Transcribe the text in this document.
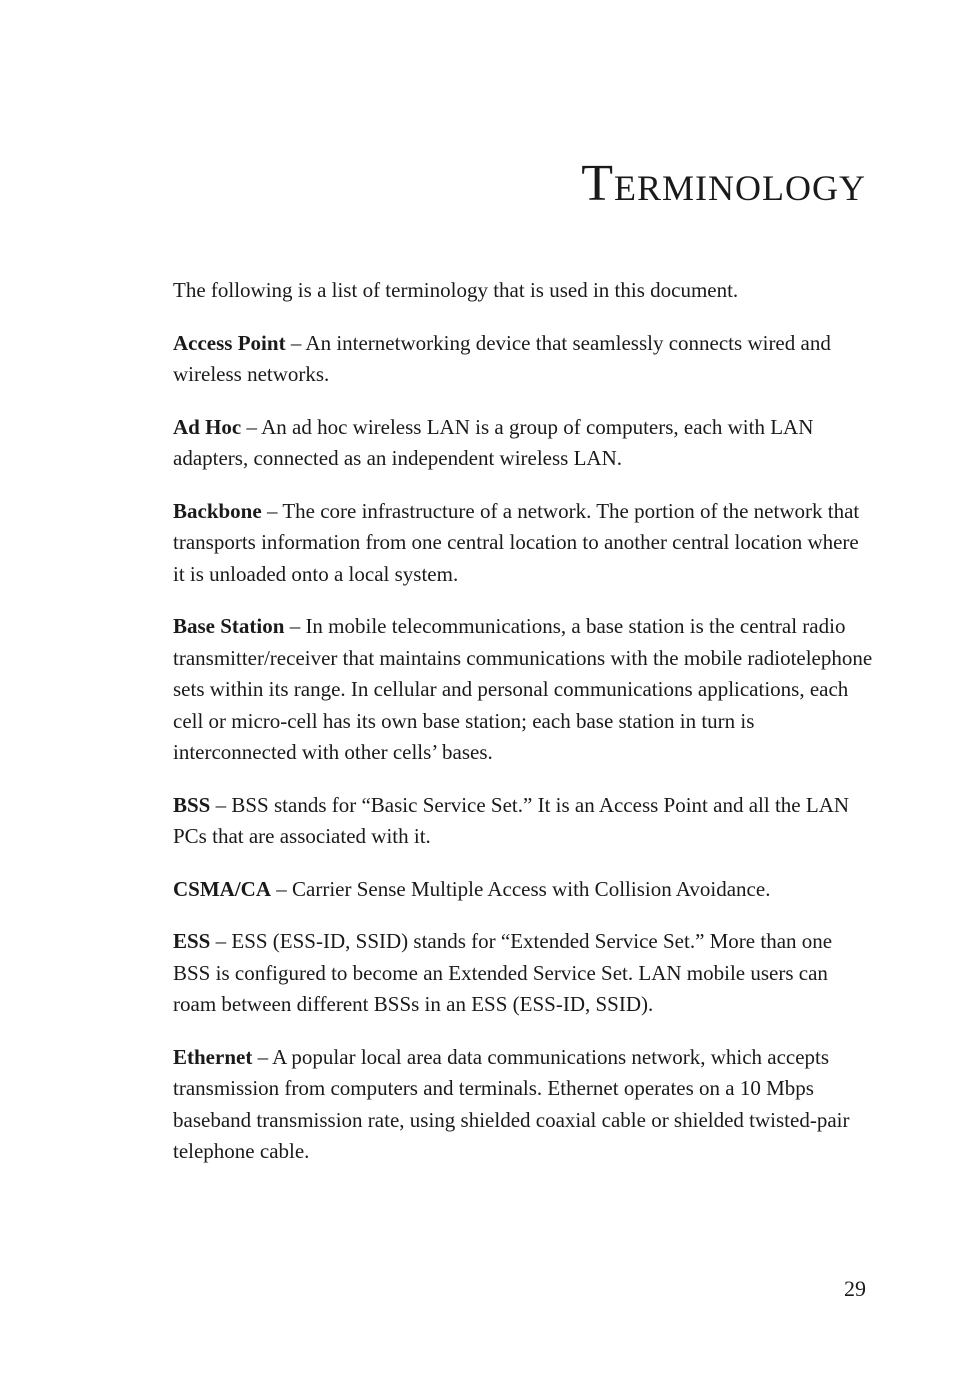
Terminology

The following is a list of terminology that is used in this document.

Access Point – An internetworking device that seamlessly connects wired and wireless networks.

Ad Hoc – An ad hoc wireless LAN is a group of computers, each with LAN adapters, connected as an independent wireless LAN.

Backbone – The core infrastructure of a network. The portion of the network that transports information from one central location to another central location where it is unloaded onto a local system.

Base Station – In mobile telecommunications, a base station is the central radio transmitter/receiver that maintains communications with the mobile radiotelephone sets within its range. In cellular and personal communications applications, each cell or micro-cell has its own base station; each base station in turn is interconnected with other cells’ bases.

BSS – BSS stands for “Basic Service Set.” It is an Access Point and all the LAN PCs that are associated with it.

CSMA/CA – Carrier Sense Multiple Access with Collision Avoidance.

ESS – ESS (ESS-ID, SSID) stands for “Extended Service Set.” More than one BSS is configured to become an Extended Service Set. LAN mobile users can roam between different BSSs in an ESS (ESS-ID, SSID).

Ethernet – A popular local area data communications network, which accepts transmission from computers and terminals. Ethernet operates on a 10 Mbps baseband transmission rate, using shielded coaxial cable or shielded twisted-pair telephone cable.

29
